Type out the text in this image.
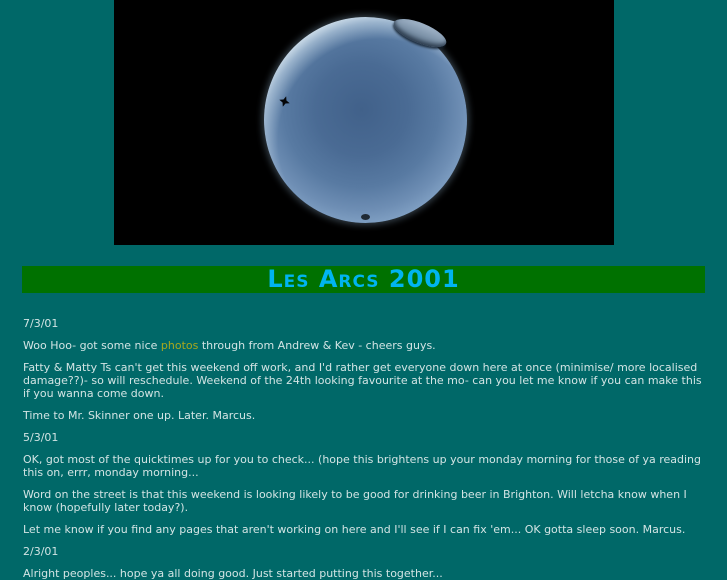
Les Arcs 2001

7/3/01

Woo Hoo- got some nice photos through from Andrew & Kev - cheers guys.

Fatty & Matty Ts can't get this weekend off work, and I'd rather get everyone down here at once (minimise/ more localised damage??)- so will reschedule. Weekend of the 24th looking favourite at the mo- can you let me know if you can make this if you wanna come down.

Time to Mr. Skinner one up. Later. Marcus.

5/3/01

OK, got most of the quicktimes up for you to check... (hope this brightens up your monday morning for those of ya reading this on, errr, monday morning...

Word on the street is that this weekend is looking likely to be good for drinking beer in Brighton. Will letcha know when I know (hopefully later today?).

Let me know if you find any pages that aren't working on here and I'll see if I can fix 'em... OK gotta sleep soon. Marcus.

2/3/01

Alright peoples... hope ya all doing good. Just started putting this together...
